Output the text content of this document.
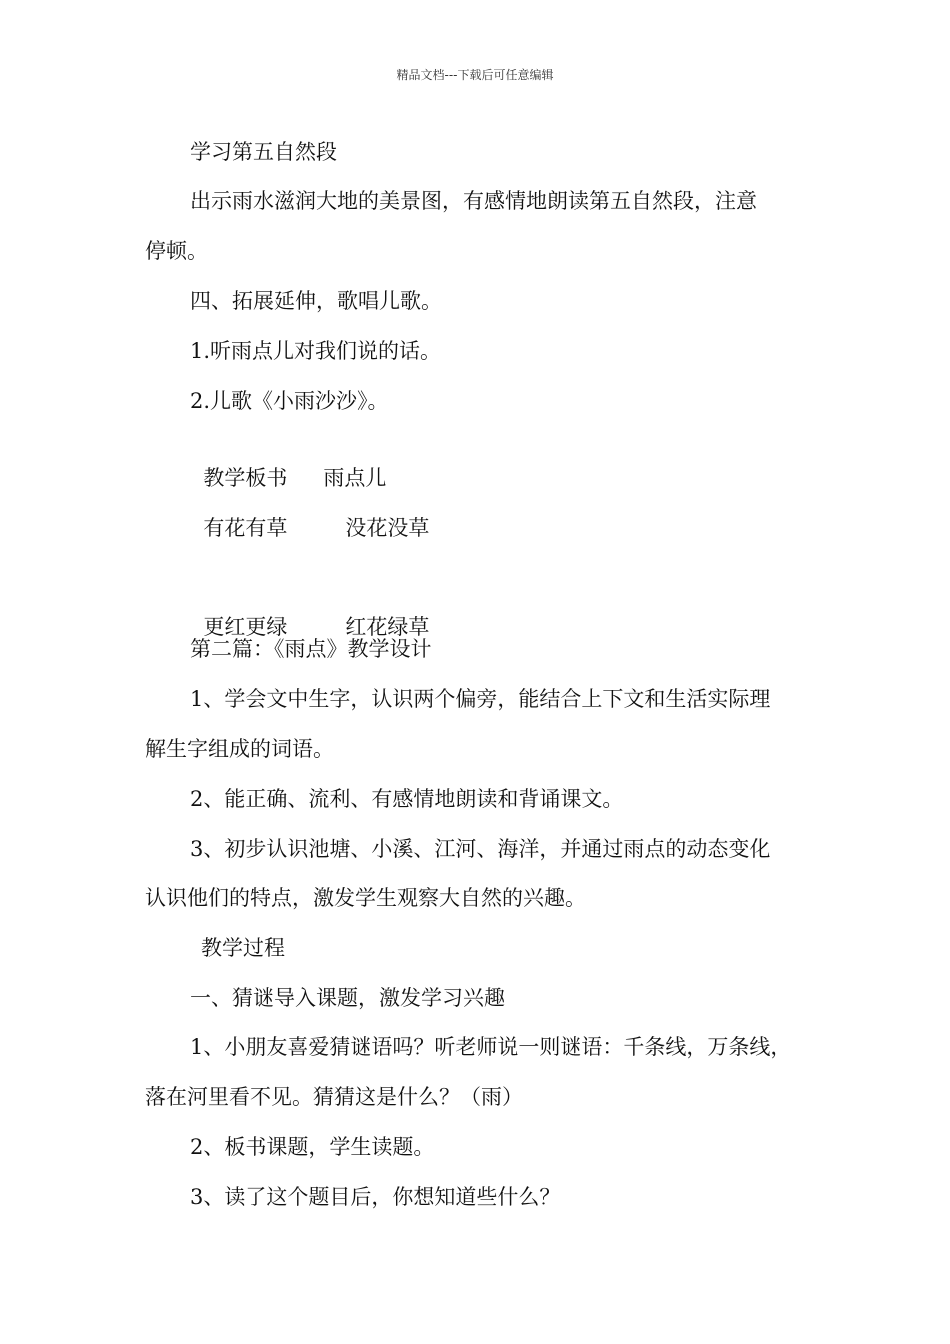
精品文档---下载后可任意编辑
学习第五自然段
出示雨水滋润大地的美景图，有感情地朗读第五自然段，注意
停顿。
四、拓展延伸，歌唱儿歌。
1.听雨点儿对我们说的话。
2.儿歌《小雨沙沙》。

教学板书 雨点儿

有花有草	没花没草

更红更绿	红花绿草

第二篇：《雨点》教学设计
1、学会文中生字，认识两个偏旁，能结合上下文和生活实际理
解生字组成的词语。
2、能正确、流利、有感情地朗读和背诵课文。
3、初步认识池塘、小溪、江河、海洋，并通过雨点的动态变化
认识他们的特点，激发学生观察大自然的兴趣。
教学过程
一、猜谜导入课题，激发学习兴趣
1、小朋友喜爱猜谜语吗？听老师说一则谜语：千条线，万条线，
落在河里看不见。猜猜这是什么？（雨）
2、板书课题，学生读题。
3、读了这个题目后，你想知道些什么？
